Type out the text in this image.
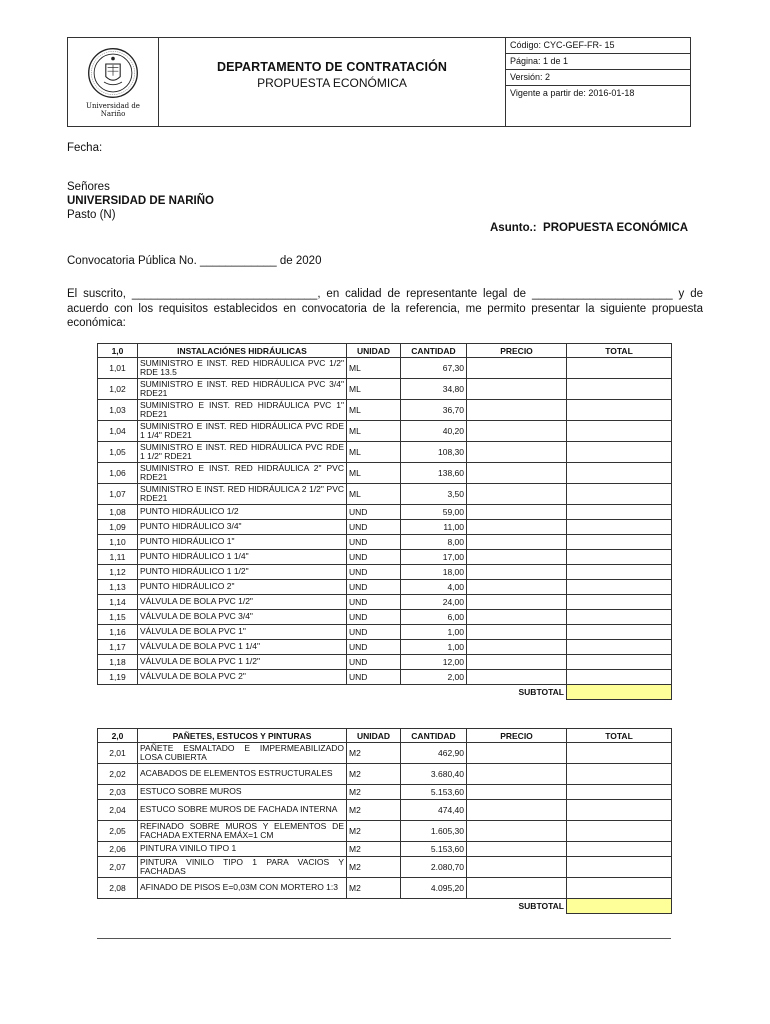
Universidad de
Nariño
DEPARTAMENTO DE CONTRATACIÓN
PROPUESTA ECONÓMICA
Código: CYC-GEF-FR- 15
Página: 1 de 1
Versión: 2
Vigente a partir de: 2016-01-18
Fecha:
Señores
UNIVERSIDAD DE NARIÑO
Pasto (N)
Asunto.: PROPUESTA ECONÓMICA
Convocatoria Pública No. ____________ de 2020
El suscrito, _____________________________, en calidad de representante legal de ______________________ y de acuerdo con los requisitos establecidos en convocatoria de la referencia, me permito presentar la siguiente propuesta económica:
1,0	INSTALACIÓNES HIDRÁULICAS	UNIDAD	CANTIDAD	PRECIO	TOTAL
1,01	SUMINISTRO E INST. RED HIDRÁULICA PVC 1/2" RDE 13.5	ML	67,30		
1,02	SUMINISTRO E INST. RED HIDRÁULICA PVC 3/4" RDE21	ML	34,80		
1,03	SUMINISTRO E INST. RED HIDRÁULICA PVC 1" RDE21	ML	36,70		
1,04	SUMINISTRO E INST. RED HIDRÁULICA PVC RDE 1 1/4" RDE21	ML	40,20		
1,05	SUMINISTRO E INST. RED HIDRÁULICA PVC RDE 1 1/2" RDE21	ML	108,30		
1,06	SUMINISTRO E INST. RED HIDRÁULICA 2" PVC RDE21	ML	138,60		
1,07	SUMINISTRO E INST. RED HIDRÁULICA 2 1/2" PVC RDE21	ML	3,50		
1,08	PUNTO HIDRÁULICO 1/2	UND	59,00		
1,09	PUNTO HIDRÁULICO 3/4"	UND	11,00		
1,10	PUNTO HIDRÁULICO 1"	UND	8,00		
1,11	PUNTO HIDRÁULICO 1 1/4"	UND	17,00		
1,12	PUNTO HIDRÁULICO 1 1/2"	UND	18,00		
1,13	PUNTO HIDRÁULICO 2"	UND	4,00		
1,14	VÁLVULA DE BOLA PVC 1/2"	UND	24,00		
1,15	VÁLVULA DE BOLA PVC 3/4"	UND	6,00		
1,16	VÁLVULA DE BOLA PVC 1"	UND	1,00		
1,17	VÁLVULA DE BOLA PVC 1 1/4"	UND	1,00		
1,18	VÁLVULA DE BOLA PVC 1 1/2"	UND	12,00		
1,19	VÁLVULA DE BOLA PVC 2"	UND	2,00		
				SUBTOTAL	
2,0	PAÑETES, ESTUCOS Y PINTURAS	UNIDAD	CANTIDAD	PRECIO	TOTAL
2,01	PAÑETE ESMALTADO E IMPERMEABILIZADO LOSA CUBIERTA	M2	462,90		
2,02	ACABADOS DE ELEMENTOS ESTRUCTURALES	M2	3.680,40		
2,03	ESTUCO SOBRE MUROS	M2	5.153,60		
2,04	ESTUCO SOBRE MUROS DE FACHADA INTERNA	M2	474,40		
2,05	REFINADO SOBRE MUROS Y ELEMENTOS DE FACHADA EXTERNA EMÁX=1 CM	M2	1.605,30		
2,06	PINTURA VINILO TIPO 1	M2	5.153,60		
2,07	PINTURA VINILO TIPO 1 PARA VACIOS Y FACHADAS	M2	2.080,70		
2,08	AFINADO DE PISOS E=0,03M CON MORTERO 1:3	M2	4.095,20		
				SUBTOTAL	
